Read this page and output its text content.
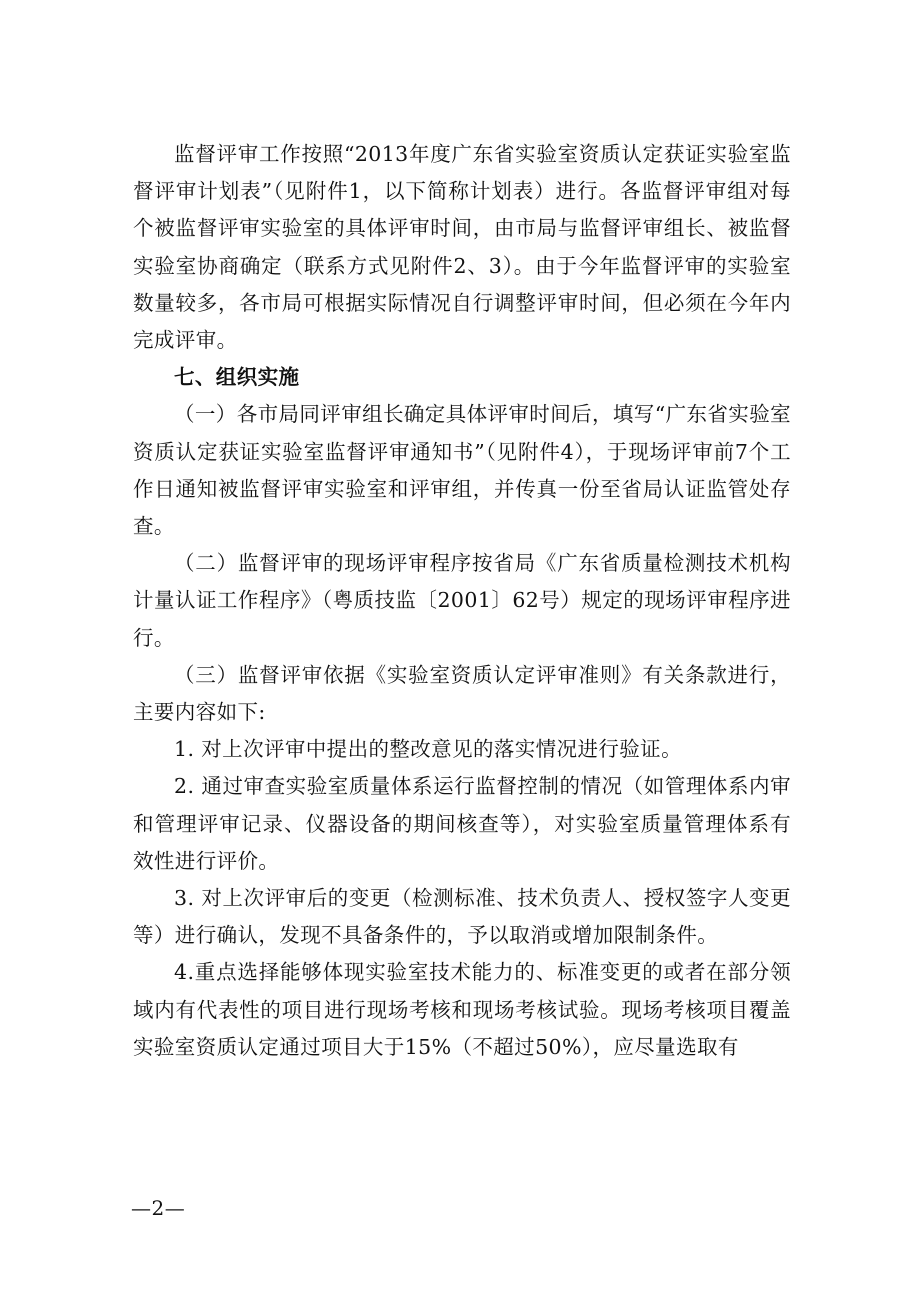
监督评审工作按照“2013年度广东省实验室资质认定获证实验室监督评审计划表”（见附件1，以下简称计划表）进行。各监督评审组对每个被监督评审实验室的具体评审时间，由市局与监督评审组长、被监督实验室协商确定（联系方式见附件2、3）。由于今年监督评审的实验室数量较多，各市局可根据实际情况自行调整评审时间，但必须在今年内完成评审。

七、组织实施

（一）各市局同评审组长确定具体评审时间后，填写“广东省实验室资质认定获证实验室监督评审通知书”（见附件4），于现场评审前7个工作日通知被监督评审实验室和评审组，并传真一份至省局认证监管处存查。

（二）监督评审的现场评审程序按省局《广东省质量检测技术机构计量认证工作程序》（粤质技监〔2001〕62号）规定的现场评审程序进行。

（三）监督评审依据《实验室资质认定评审准则》有关条款进行，主要内容如下:

1. 对上次评审中提出的整改意见的落实情况进行验证。

2. 通过审查实验室质量体系运行监督控制的情况（如管理体系内审和管理评审记录、仪器设备的期间核查等），对实验室质量管理体系有效性进行评价。

3. 对上次评审后的变更（检测标准、技术负责人、授权签字人变更等）进行确认，发现不具备条件的，予以取消或增加限制条件。

4.重点选择能够体现实验室技术能力的、标准变更的或者在部分领域内有代表性的项目进行现场考核和现场考核试验。现场考核项目覆盖实验室资质认定通过项目大于15%（不超过50%），应尽量选取有

—2—
